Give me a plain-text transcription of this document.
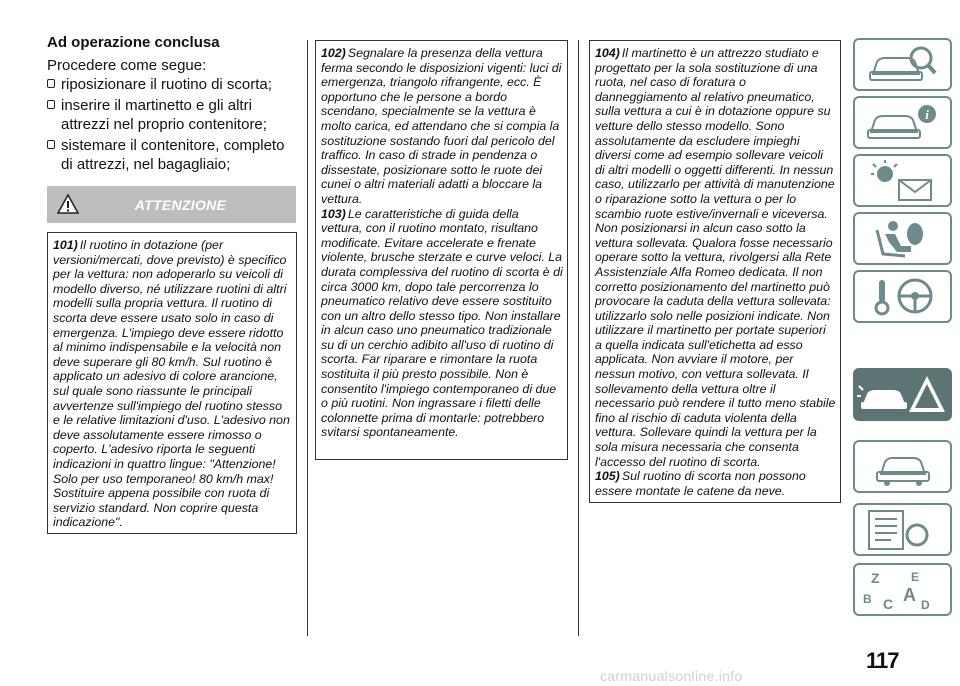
Ad operazione conclusa

Procedere come segue:

riposizionare il ruotino di scorta;
inserire il martinetto e gli altri attrezzi nel proprio contenitore;
sistemare il contenitore, completo di attrezzi, nel bagagliaio;
ATTENZIONE
101) Il ruotino in dotazione (per versioni/mercati, dove previsto) è specifico per la vettura: non adoperarlo su veicoli di modello diverso, né utilizzare ruotini di altri modelli sulla propria vettura. Il ruotino di scorta deve essere usato solo in caso di emergenza. L'impiego deve essere ridotto al minimo indispensabile e la velocità non deve superare gli 80 km/h. Sul ruotino è applicato un adesivo di colore arancione, sul quale sono riassunte le principali avvertenze sull'impiego del ruotino stesso e le relative limitazioni d'uso. L'adesivo non deve assolutamente essere rimosso o coperto. L'adesivo riporta le seguenti indicazioni in quattro lingue: "Attenzione! Solo per uso temporaneo! 80 km/h max! Sostituire appena possibile con ruota di servizio standard. Non coprire questa indicazione".
102) Segnalare la presenza della vettura ferma secondo le disposizioni vigenti: luci di emergenza, triangolo rifrangente, ecc. È opportuno che le persone a bordo scendano, specialmente se la vettura è molto carica, ed attendano che si compia la sostituzione sostando fuori dal pericolo del traffico. In caso di strade in pendenza o dissestate, posizionare sotto le ruote dei cunei o altri materiali adatti a bloccare la vettura.
103) Le caratteristiche di guida della vettura, con il ruotino montato, risultano modificate. Evitare accelerate e frenate violente, brusche sterzate e curve veloci. La durata complessiva del ruotino di scorta è di circa 3000 km, dopo tale percorrenza lo pneumatico relativo deve essere sostituito con un altro dello stesso tipo. Non installare in alcun caso uno pneumatico tradizionale su di un cerchio adibito all'uso di ruotino di scorta. Far riparare e rimontare la ruota sostituita il più presto possibile. Non è consentito l'impiego contemporaneo di due o più ruotini. Non ingrassare i filetti delle colonnette prima di montarle: potrebbero svitarsi spontaneamente.
104) Il martinetto è un attrezzo studiato e progettato per la sola sostituzione di una ruota, nel caso di foratura o danneggiamento al relativo pneumatico, sulla vettura a cui è in dotazione oppure su vetture dello stesso modello. Sono assolutamente da escludere impieghi diversi come ad esempio sollevare veicoli di altri modelli o oggetti differenti. In nessun caso, utilizzarlo per attività di manutenzione o riparazione sotto la vettura o per lo scambio ruote estive/invernali e viceversa. Non posizionarsi in alcun caso sotto la vettura sollevata. Qualora fosse necessario operare sotto la vettura, rivolgersi alla Rete Assistenziale Alfa Romeo dedicata. Il non corretto posizionamento del martinetto può provocare la caduta della vettura sollevata: utilizzarlo solo nelle posizioni indicate. Non utilizzare il martinetto per portate superiori a quella indicata sull'etichetta ad esso applicata. Non avviare il motore, per nessun motivo, con vettura sollevata. Il sollevamento della vettura oltre il necessario può rendere il tutto meno stabile fino al rischio di caduta violenta della vettura. Sollevare quindi la vettura per la sola misura necessaria che consenta l'accesso del ruotino di scorta.
105) Sul ruotino di scorta non possono essere montate le catene da neve.
i
Z	E
B A
C D
117
carmanualsonline.info
